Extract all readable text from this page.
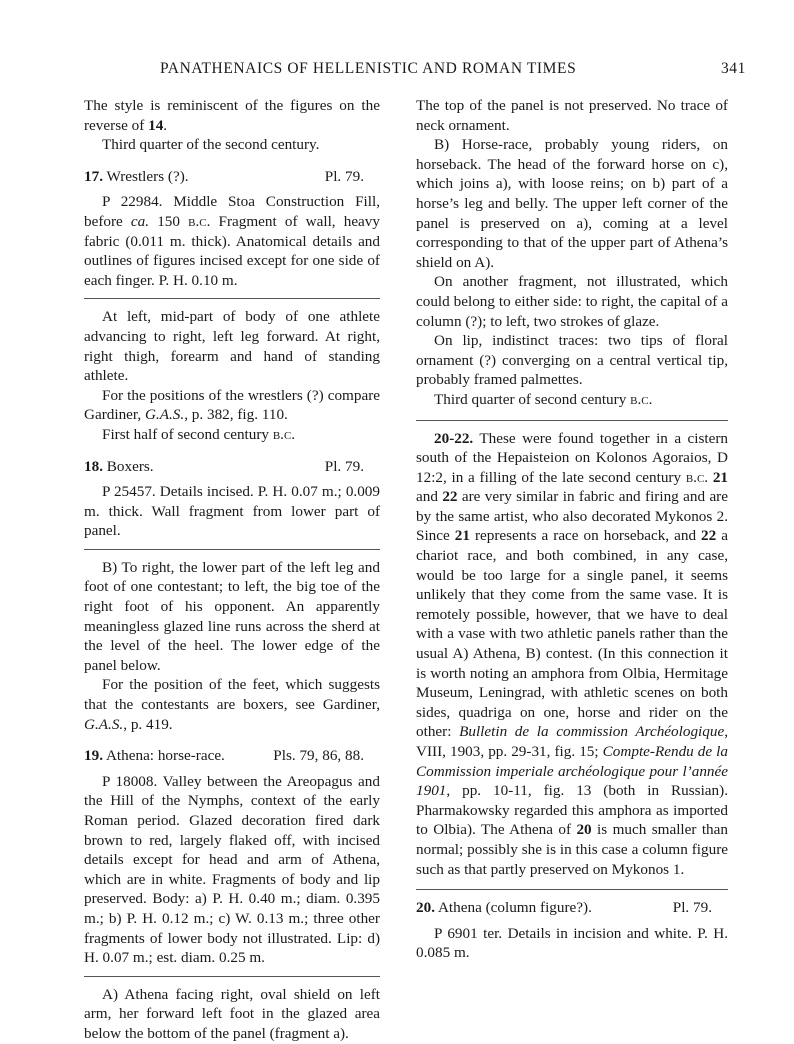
PANATHENAICS OF HELLENISTIC AND ROMAN TIMES	341

The style is reminiscent of the figures on the reverse of 14.

Third quarter of the second century.

17. Wrestlers (?).	Pl. 79.

P 22984. Middle Stoa Construction Fill, before ca. 150 b.c. Fragment of wall, heavy fabric (0.011 m. thick). Anatomical details and outlines of figures incised except for one side of each finger. P. H. 0.10 m.

At left, mid-part of body of one athlete advancing to right, left leg forward. At right, right thigh, forearm and hand of standing athlete.

For the positions of the wrestlers (?) compare Gardiner, G.A.S., p. 382, fig. 110.

First half of second century b.c.

18. Boxers.	Pl. 79.

P 25457. Details incised. P. H. 0.07 m.; 0.009 m. thick. Wall fragment from lower part of panel.

B) To right, the lower part of the left leg and foot of one contestant; to left, the big toe of the right foot of his opponent. An apparently meaningless glazed line runs across the sherd at the level of the heel. The lower edge of the panel below.

For the position of the feet, which suggests that the contestants are boxers, see Gardiner, G.A.S., p. 419.

19. Athena: horse-race.	Pls. 79, 86, 88.

P 18008. Valley between the Areopagus and the Hill of the Nymphs, context of the early Roman period. Glazed decoration fired dark brown to red, largely flaked off, with incised details except for head and arm of Athena, which are in white. Fragments of body and lip preserved. Body: a) P. H. 0.40 m.; diam. 0.395 m.; b) P. H. 0.12 m.; c) W. 0.13 m.; three other fragments of lower body not illustrated. Lip: d) H. 0.07 m.; est. diam. 0.25 m.

A) Athena facing right, oval shield on left arm, her forward left foot in the glazed area below the bottom of the panel (fragment a).

The top of the panel is not preserved. No trace of neck ornament.

B) Horse-race, probably young riders, on horseback. The head of the forward horse on c), which joins a), with loose reins; on b) part of a horse’s leg and belly. The upper left corner of the panel is preserved on a), coming at a level corresponding to that of the upper part of Athena’s shield on A).

On another fragment, not illustrated, which could belong to either side: to right, the capital of a column (?); to left, two strokes of glaze.

On lip, indistinct traces: two tips of floral ornament (?) converging on a central vertical tip, probably framed palmettes.

Third quarter of second century b.c.

20-22. These were found together in a cistern south of the Hepaisteion on Kolonos Agoraios, D 12:2, in a filling of the late second century b.c. 21 and 22 are very similar in fabric and firing and are by the same artist, who also decorated Mykonos 2. Since 21 represents a race on horseback, and 22 a chariot race, and both combined, in any case, would be too large for a single panel, it seems unlikely that they come from the same vase. It is remotely possible, however, that we have to deal with a vase with two athletic panels rather than the usual A) Athena, B) contest. (In this connection it is worth noting an amphora from Olbia, Hermitage Museum, Leningrad, with athletic scenes on both sides, quadriga on one, horse and rider on the other: Bulletin de la commission Archéologique, VIII, 1903, pp. 29-31, fig. 15; Compte-Rendu de la Commission imperiale archéologique pour l’année 1901, pp. 10-11, fig. 13 (both in Russian). Pharmakowsky regarded this amphora as imported to Olbia). The Athena of 20 is much smaller than normal; possibly she is in this case a column figure such as that partly preserved on Mykonos 1.

20. Athena (column figure?).	Pl. 79.

P 6901 ter. Details in incision and white. P. H. 0.085 m.
